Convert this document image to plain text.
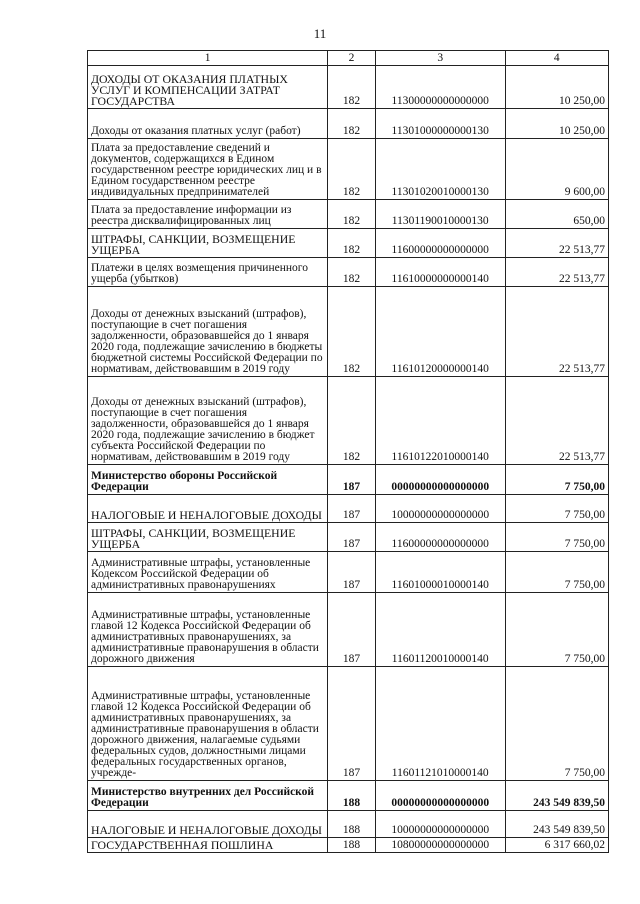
11
1	2	3	4
ДОХОДЫ ОТ ОКАЗАНИЯ ПЛАТНЫХ УСЛУГ И КОМПЕНСАЦИИ ЗАТРАТ ГОСУДАРСТВА	182	11300000000000000	10 250,00
Доходы от оказания платных услуг (работ)	182	11301000000000130	10 250,00
Плата за предоставление сведений и документов, содержащихся в Едином государственном реестре юридических лиц и в Едином государственном реестре индивидуальных предпринимателей	182	11301020010000130	9 600,00
Плата за предоставление информации из реестра дисквалифицированных лиц	182	11301190010000130	650,00
ШТРАФЫ, САНКЦИИ, ВОЗМЕЩЕНИЕ УЩЕРБА	182	11600000000000000	22 513,77
Платежи в целях возмещения причиненного ущерба (убытков)	182	11610000000000140	22 513,77
Доходы от денежных взысканий (штрафов), поступающие в счет погашения задолженности, образовавшейся до 1 января 2020 года, подлежащие зачислению в бюджеты бюджетной системы Российской Федерации по нормативам, действовавшим в 2019 году	182	11610120000000140	22 513,77
Доходы от денежных взысканий (штрафов), поступающие в счет погашения задолженности, образовавшейся до 1 января 2020 года, подлежащие зачислению в бюджет субъекта Российской Федерации по нормативам, действовавшим в 2019 году	182	11610122010000140	22 513,77
Министерство обороны Российской Федерации	187	00000000000000000	7 750,00
НАЛОГОВЫЕ И НЕНАЛОГОВЫЕ ДОХОДЫ	187	10000000000000000	7 750,00
ШТРАФЫ, САНКЦИИ, ВОЗМЕЩЕНИЕ УЩЕРБА	187	11600000000000000	7 750,00
Административные штрафы, установленные Кодексом Российской Федерации об административных правонарушениях	187	11601000010000140	7 750,00
Административные штрафы, установленные главой 12 Кодекса Российской Федерации об административных правонарушениях, за административные правонарушения в области дорожного движения	187	11601120010000140	7 750,00
Административные штрафы, установленные главой 12 Кодекса Российской Федерации об административных правонарушениях, за административные правонарушения в области дорожного движения, налагаемые судьями федеральных судов, должностными лицами федеральных государственных органов, учрежде-	187	11601121010000140	7 750,00
Министерство внутренних дел Российской Федерации	188	00000000000000000	243 549 839,50
НАЛОГОВЫЕ И НЕНАЛОГОВЫЕ ДОХОДЫ	188	10000000000000000	243 549 839,50
ГОСУДАРСТВЕННАЯ ПОШЛИНА	188	10800000000000000	6 317 660,02
